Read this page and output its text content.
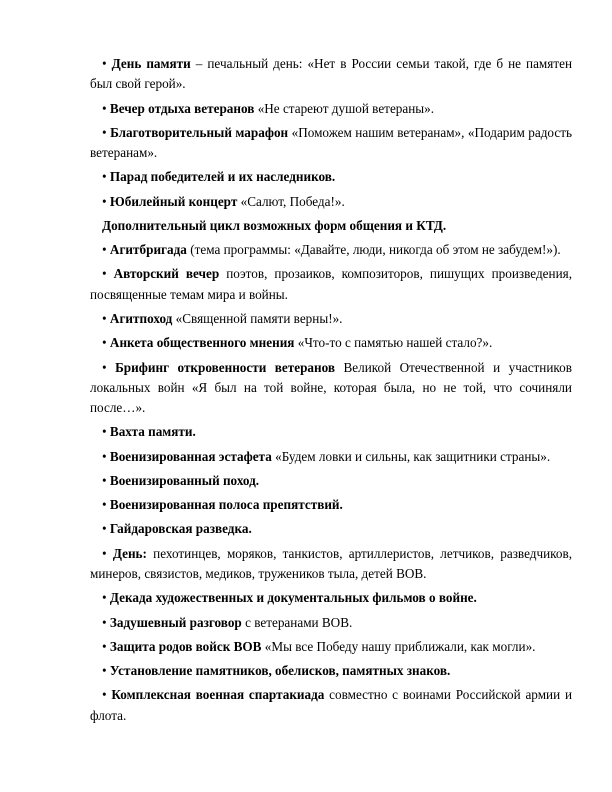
• День памяти – печальный день: «Нет в России семьи такой, где б не памятен был свой герой».

• Вечер отдыха ветеранов «Не стареют душой ветераны».

• Благотворительный марафон «Поможем нашим ветеранам», «Подарим радость ветеранам».

• Парад победителей и их наследников.

• Юбилейный концерт «Салют, Победа!».

Дополнительный цикл возможных форм общения и КТД.

• Агитбригада (тема программы: «Давайте, люди, никогда об этом не забудем!»).

• Авторский вечер поэтов, прозаиков, композиторов, пишущих произведения, посвященные темам мира и войны.

• Агитпоход «Священной памяти верны!».

• Анкета общественного мнения «Что-то с памятью нашей стало?».

• Брифинг откровенности ветеранов Великой Отечественной и участников локальных войн «Я был на той войне, которая была, но не той, что сочиняли после…».

• Вахта памяти.

• Военизированная эстафета «Будем ловки и сильны, как защитники страны».

• Военизированный поход.

• Военизированная полоса препятствий.

• Гайдаровская разведка.

• День: пехотинцев, моряков, танкистов, артиллеристов, летчиков, разведчиков, минеров, связистов, медиков, тружеников тыла, детей ВОВ.

• Декада художественных и документальных фильмов о войне.

• Задушевный разговор с ветеранами ВОВ.

• Защита родов войск ВОВ «Мы все Победу нашу приближали, как могли».

• Установление памятников, обелисков, памятных знаков.

• Комплексная военная спартакиада совместно с воинами Российской армии и флота.
